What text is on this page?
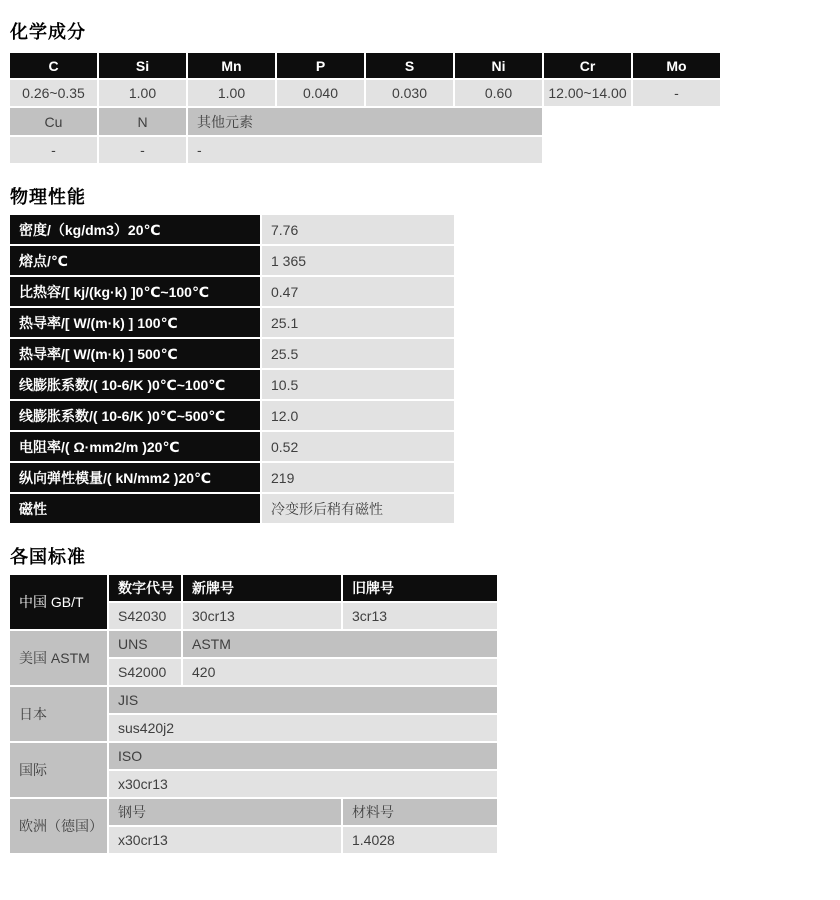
化学成分
C	Si	Mn	P	S	Ni	Cr	Mo
0.26~0.35	1.00	1.00	0.040	0.030	0.60	12.00~14.00	-
Cu	N	其他元素					
-	-	-					
物理性能
密度/（kg/dm3）20℃	7.76
熔点/℃	1 365
比热容/[ kj/(kg·k) ]0℃~100℃	0.47
热导率/[ W/(m·k) ] 100℃	25.1
热导率/[ W/(m·k) ] 500℃	25.5
线膨胀系数/( 10-6/K )0℃~100℃	10.5
线膨胀系数/( 10-6/K )0℃~500℃	12.0
电阻率/( Ω·mm2/m )20℃	0.52
纵向弹性模量/( kN/mm2 )20℃	219
磁性	冷变形后稍有磁性
各国标准
中国 GB/T	数字代号	新牌号	旧牌号
	S42030	30cr13	3cr13
美国 ASTM	UNS	ASTM	
	S42000	420	
日本	JIS		
	sus420j2		
国际	ISO		
	x30cr13		
欧洲（德国）	钢号		材料号
	x30cr13		1.4028
